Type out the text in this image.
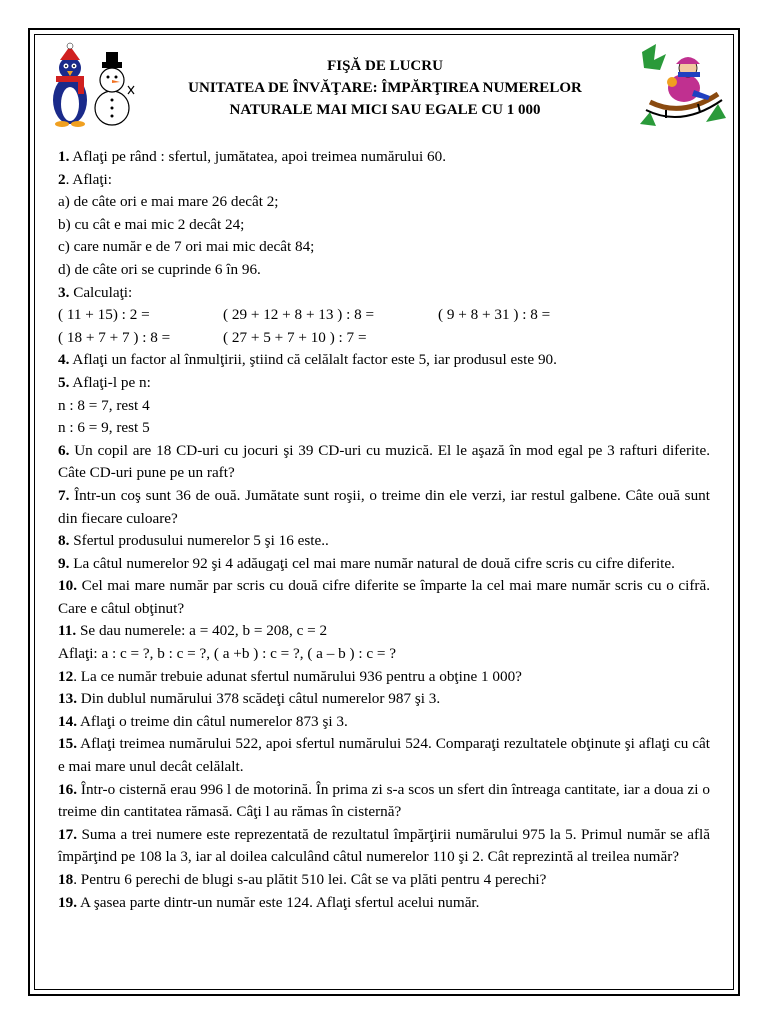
FIŞĂ DE LUCRU
UNITATEA DE ÎNVĂŢARE: ÎMPĂRŢIREA NUMERELOR
NATURALE MAI MICI SAU EGALE CU 1 000
1. Aflaţi pe rând : sfertul, jumătatea, apoi treimea numărului 60.
2. Aflaţi:
a) de câte ori e mai mare 26 decât 2;
b) cu cât e mai mic 2 decât 24;
c) care număr e de 7 ori mai mic decât 84;
d) de câte ori se cuprinde 6 în 96.
3. Calculaţi:
( 11 + 15) : 2 =	( 29 + 12 + 8 + 13 ) : 8 =	( 9 + 8 + 31 ) : 8 =
( 18 + 7 + 7 ) : 8 =	( 27 + 5 + 7 + 10 ) : 7 =
4. Aflaţi un factor al înmulţirii, ştiind că celălalt factor este 5, iar produsul este 90.
5. Aflaţi-l pe n:
n : 8 = 7, rest 4
n : 6 = 9, rest 5
6. Un copil are 18 CD-uri cu jocuri şi 39 CD-uri cu muzică. El le aşază în mod egal pe 3 rafturi diferite. Câte CD-uri pune pe un raft?
7. Într-un coş sunt 36 de ouă. Jumătate sunt roşii, o treime din ele verzi, iar restul galbene. Câte ouă sunt din fiecare culoare?
8. Sfertul produsului numerelor 5 şi 16 este..
9. La câtul numerelor 92 şi 4 adăugaţi cel mai mare număr natural de două cifre scris cu cifre diferite.
10. Cel mai mare număr par scris cu două cifre diferite se împarte la cel mai mare număr scris cu o cifră. Care e câtul obţinut?
11. Se dau numerele: a = 402, b = 208, c = 2
Aflaţi: a : c = ?, b : c = ?, ( a +b ) : c = ?, ( a – b ) : c = ?
12. La ce număr trebuie adunat sfertul numărului 936 pentru a obţine 1 000?
13. Din dublul numărului 378 scădeţi câtul numerelor 987 şi 3.
14. Aflaţi o treime din câtul numerelor 873 şi 3.
15. Aflaţi treimea numărului 522, apoi sfertul numărului 524. Comparaţi rezultatele obţinute şi aflaţi cu cât e mai mare unul decât celălalt.
16. Într-o cisternă erau 996 l de motorină. În prima zi s-a scos un sfert din întreaga cantitate, iar a doua zi o treime din cantitatea rămasă. Câţi l au rămas în cisternă?
17. Suma a trei numere este reprezentată de rezultatul împărţirii numărului 975 la 5. Primul număr se află împărţind pe 108 la 3, iar al doilea calculând câtul numerelor 110 şi 2. Cât reprezintă al treilea număr?
18. Pentru 6 perechi de blugi s-au plătit 510 lei. Cât se va plăti pentru 4 perechi?
19. A şasea parte dintr-un număr este 124. Aflaţi sfertul acelui număr.
